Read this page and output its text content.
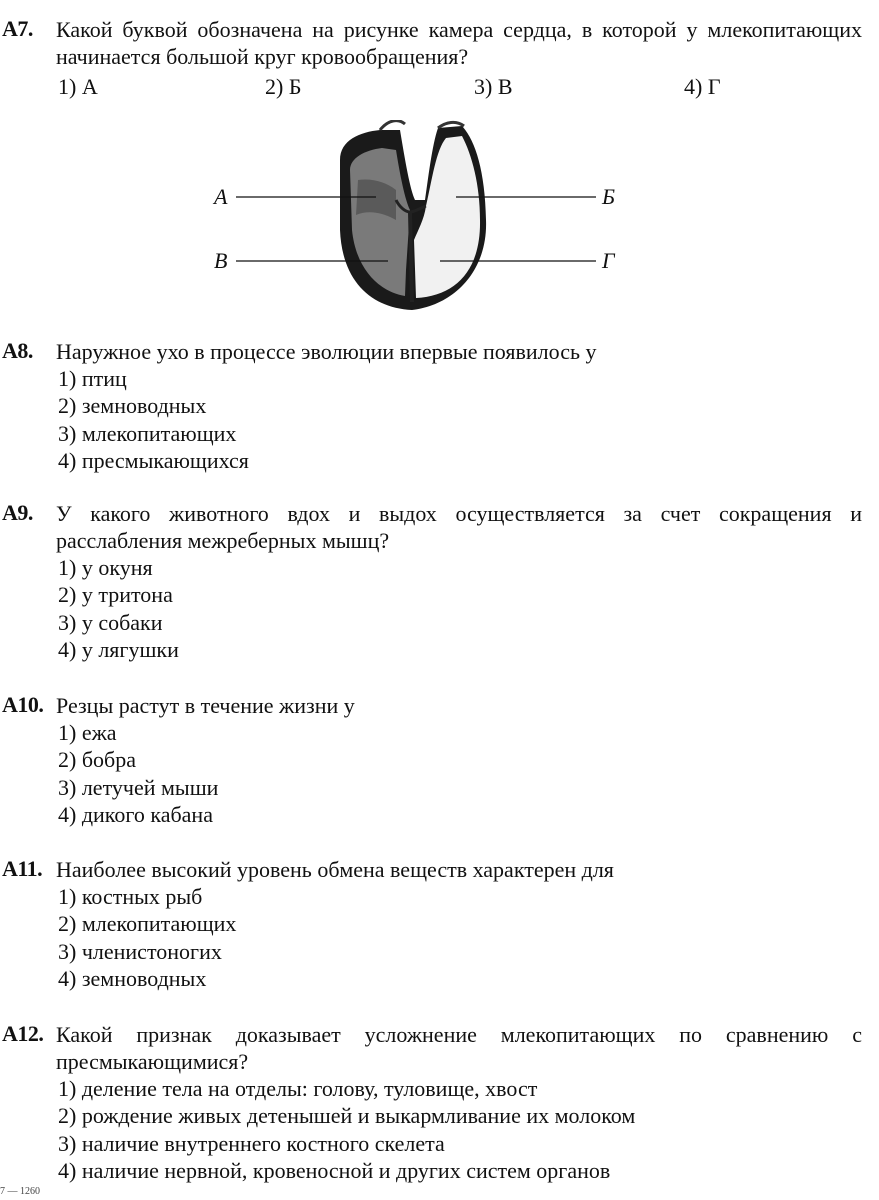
A7. Какой буквой обозначена на рисунке камера сердца, в которой у млекопитающих начинается большой круг кровообращения?
1) А	2) Б	3) В	4) Г
А	Б
В	Г
A8. Наружное ухо в процессе эволюции впервые появилось у
1) птиц
2) земноводных
3) млекопитающих
4) пресмыкающихся
A9. У какого животного вдох и выдох осуществляется за счет сокращения и расслабления межреберных мышц?
1) у окуня
2) у тритона
3) у собаки
4) у лягушки
A10. Резцы растут в течение жизни у
1) ежа
2) бобра
3) летучей мыши
4) дикого кабана
A11. Наиболее высокий уровень обмена веществ характерен для
1) костных рыб
2) млекопитающих
3) членистоногих
4) земноводных
A12. Какой признак доказывает усложнение млекопитающих по сравнению с пресмыкающимися?
1) деление тела на отделы: голову, туловище, хвост
2) рождение живых детенышей и выкармливание их молоком
3) наличие внутреннего костного скелета
4) наличие нервной, кровеносной и других систем органов
7 — 1260
